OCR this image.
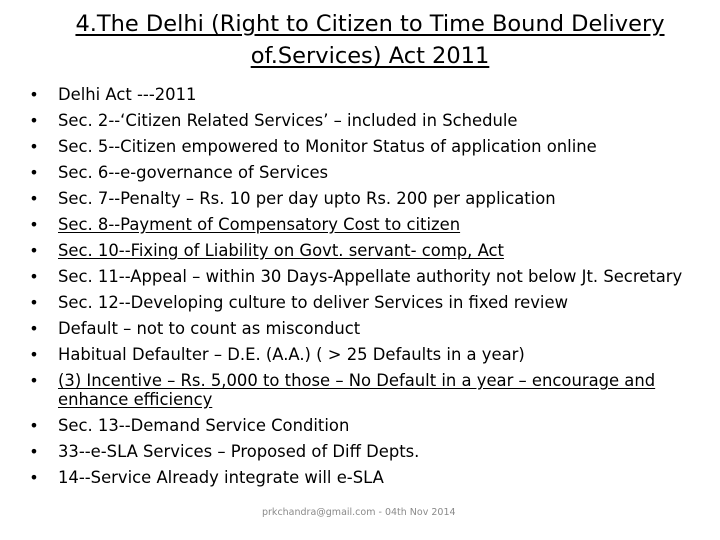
4.The Delhi (Right to Citizen to Time Bound Delivery of.Services) Act 2011
•	Delhi Act ---2011
•	Sec. 2--‘Citizen Related Services’ – included in Schedule
•	Sec. 5--Citizen empowered to Monitor Status of application online
•	Sec. 6--e-governance of Services
•	Sec. 7--Penalty – Rs. 10 per day upto Rs. 200 per application
•	Sec. 8--Payment of Compensatory Cost to citizen
•	Sec. 10--Fixing of Liability on Govt. servant- comp, Act
•	Sec. 11--Appeal – within 30 Days-Appellate authority not below Jt. Secretary
•	Sec. 12--Developing culture to deliver Services in fixed review
•	Default – not to count as misconduct
•	Habitual Defaulter – D.E. (A.A.) ( > 25 Defaults in a year)
•	(3) Incentive – Rs. 5,000 to those – No Default in a year – encourage and enhance efficiency
•	Sec. 13--Demand Service Condition
•	33--e-SLA Services – Proposed of Diff Depts.
•	14--Service Already integrate will e-SLA
prkchandra@gmail.com - 04th Nov 2014
